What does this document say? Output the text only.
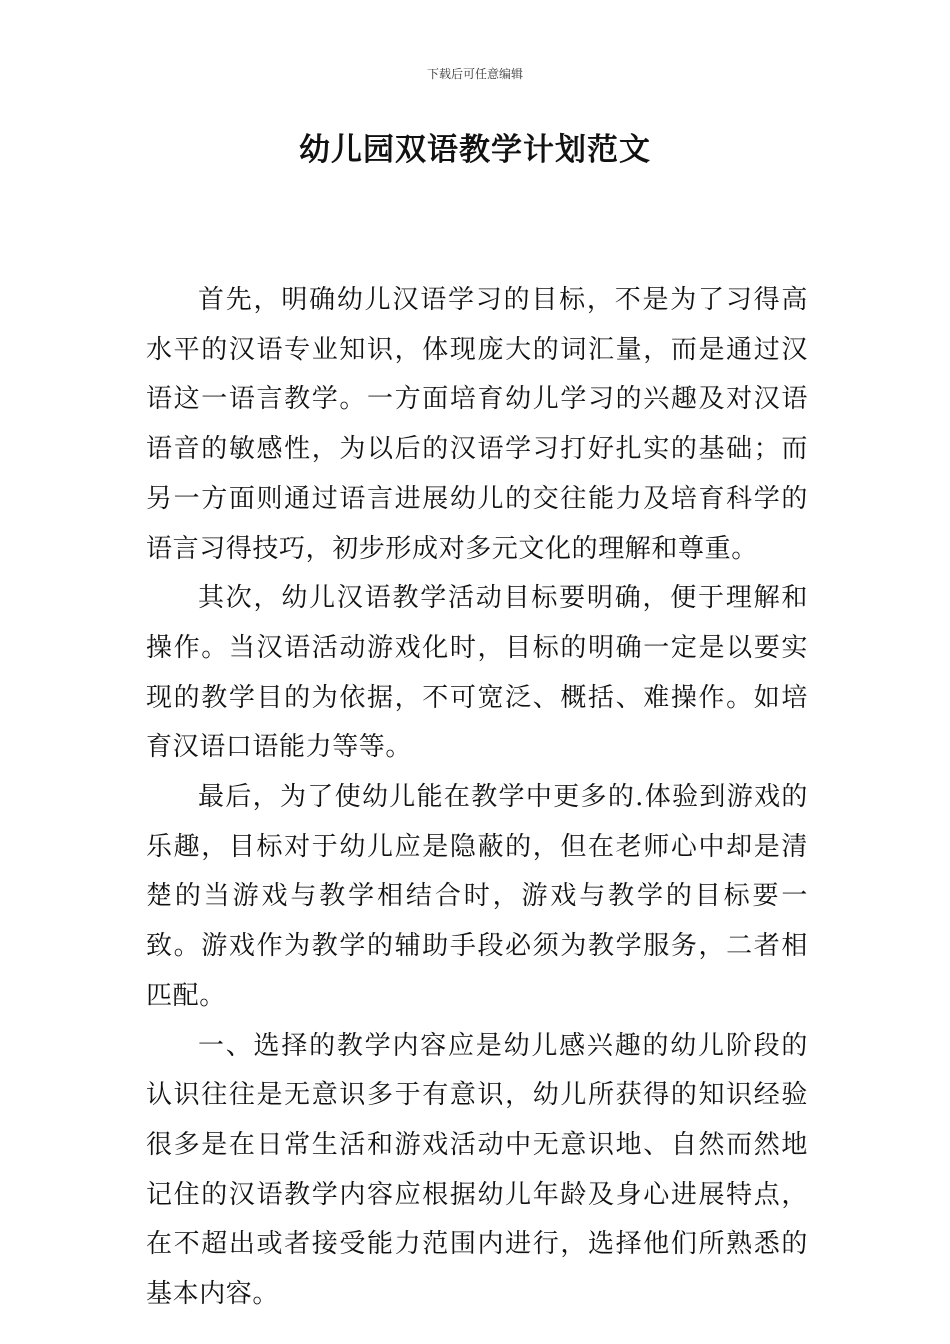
下载后可任意编辑
幼儿园双语教学计划范文

首先，明确幼儿汉语学习的目标，不是为了习得高水平的汉语专业知识，体现庞大的词汇量，而是通过汉语这一语言教学。一方面培育幼儿学习的兴趣及对汉语语音的敏感性，为以后的汉语学习打好扎实的基础；而另一方面则通过语言进展幼儿的交往能力及培育科学的语言习得技巧，初步形成对多元文化的理解和尊重。

其次，幼儿汉语教学活动目标要明确，便于理解和操作。当汉语活动游戏化时，目标的明确一定是以要实现的教学目的为依据，不可宽泛、概括、难操作。如培育汉语口语能力等等。

最后，为了使幼儿能在教学中更多的.体验到游戏的乐趣，目标对于幼儿应是隐蔽的，但在老师心中却是清楚的当游戏与教学相结合时，游戏与教学的目标要一致。游戏作为教学的辅助手段必须为教学服务，二者相匹配。

一、选择的教学内容应是幼儿感兴趣的幼儿阶段的认识往往是无意识多于有意识，幼儿所获得的知识经验很多是在日常生活和游戏活动中无意识地、自然而然地记住的汉语教学内容应根据幼儿年龄及身心进展特点，在不超出或者接受能力范围内进行，选择他们所熟悉的基本内容。
